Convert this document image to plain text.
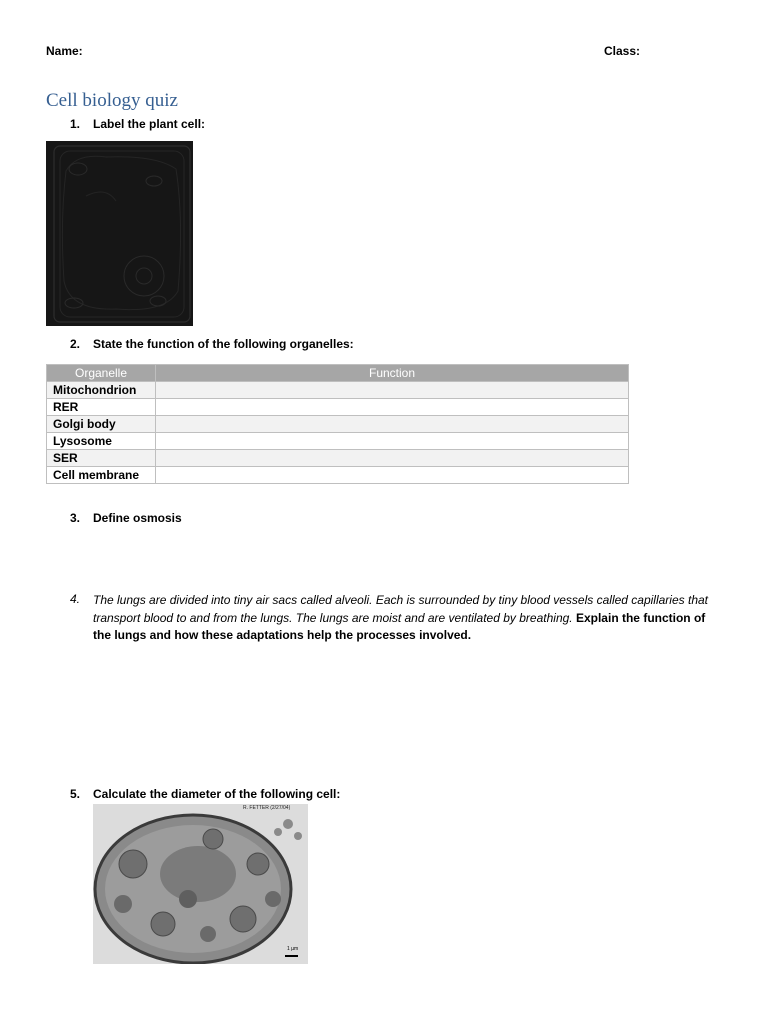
Name:	Class:
Cell biology quiz
1. Label the plant cell:
2. State the function of the following organelles:
Organelle	Function
Mitochondrion	
RER	
Golgi body	
Lysosome	
SER	
Cell membrane	
3. Define osmosis
4. The lungs are divided into tiny air sacs called alveoli. Each is surrounded by tiny blood vessels called capillaries that transport blood to and from the lungs. The lungs are moist and are ventilated by breathing. Explain the function of the lungs and how these adaptations help the processes involved.
5. Calculate the diameter of the following cell:
R. FETTER (2/27/04)
1 µm
